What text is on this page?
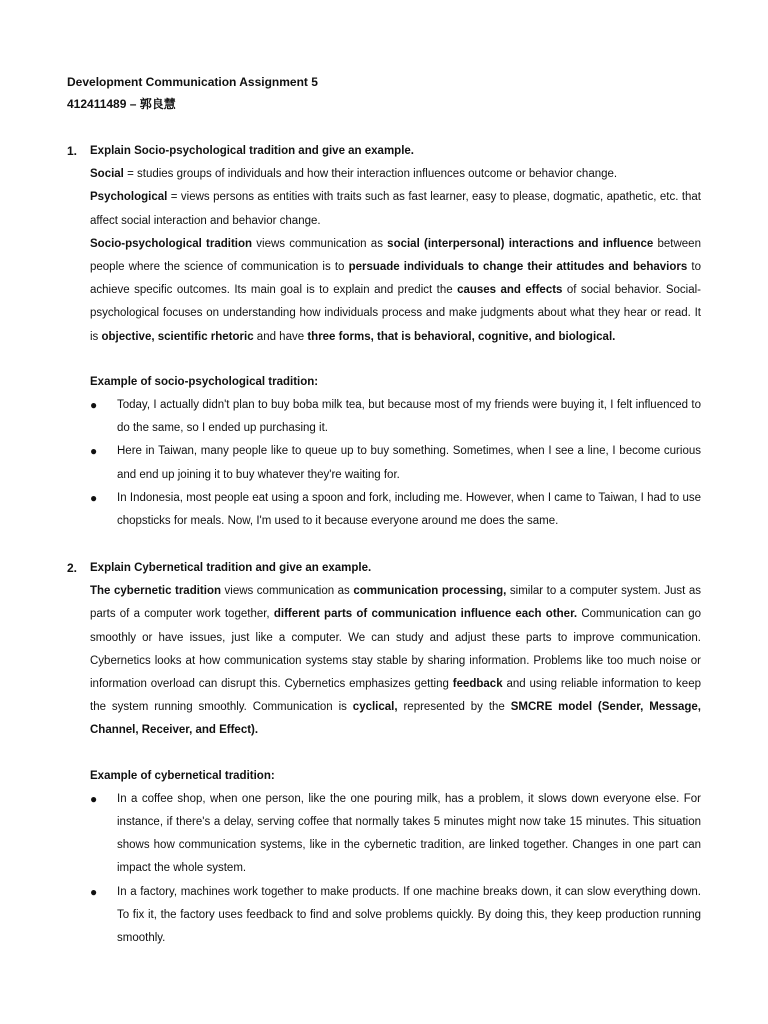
Development Communication Assignment 5
412411489 – 郭良慧
1. Explain Socio-psychological tradition and give an example.

Social = studies groups of individuals and how their interaction influences outcome or behavior change.

Psychological = views persons as entities with traits such as fast learner, easy to please, dogmatic, apathetic, etc. that affect social interaction and behavior change.

Socio-psychological tradition views communication as social (interpersonal) interactions and influence between people where the science of communication is to persuade individuals to change their attitudes and behaviors to achieve specific outcomes. Its main goal is to explain and predict the causes and effects of social behavior. Social-psychological focuses on understanding how individuals process and make judgments about what they hear or read. It is objective, scientific rhetoric and have three forms, that is behavioral, cognitive, and biological.

Example of socio-psychological tradition:

● Today, I actually didn't plan to buy boba milk tea, but because most of my friends were buying it, I felt influenced to do the same, so I ended up purchasing it.
● Here in Taiwan, many people like to queue up to buy something. Sometimes, when I see a line, I become curious and end up joining it to buy whatever they're waiting for.
● In Indonesia, most people eat using a spoon and fork, including me. However, when I came to Taiwan, I had to use chopsticks for meals. Now, I'm used to it because everyone around me does the same.
2. Explain Cybernetical tradition and give an example.

The cybernetic tradition views communication as communication processing, similar to a computer system. Just as parts of a computer work together, different parts of communication influence each other. Communication can go smoothly or have issues, just like a computer. We can study and adjust these parts to improve communication. Cybernetics looks at how communication systems stay stable by sharing information. Problems like too much noise or information overload can disrupt this. Cybernetics emphasizes getting feedback and using reliable information to keep the system running smoothly. Communication is cyclical, represented by the SMCRE model (Sender, Message, Channel, Receiver, and Effect).

Example of cybernetical tradition:

● In a coffee shop, when one person, like the one pouring milk, has a problem, it slows down everyone else. For instance, if there's a delay, serving coffee that normally takes 5 minutes might now take 15 minutes. This situation shows how communication systems, like in the cybernetic tradition, are linked together. Changes in one part can impact the whole system.
● In a factory, machines work together to make products. If one machine breaks down, it can slow everything down. To fix it, the factory uses feedback to find and solve problems quickly. By doing this, they keep production running smoothly.
